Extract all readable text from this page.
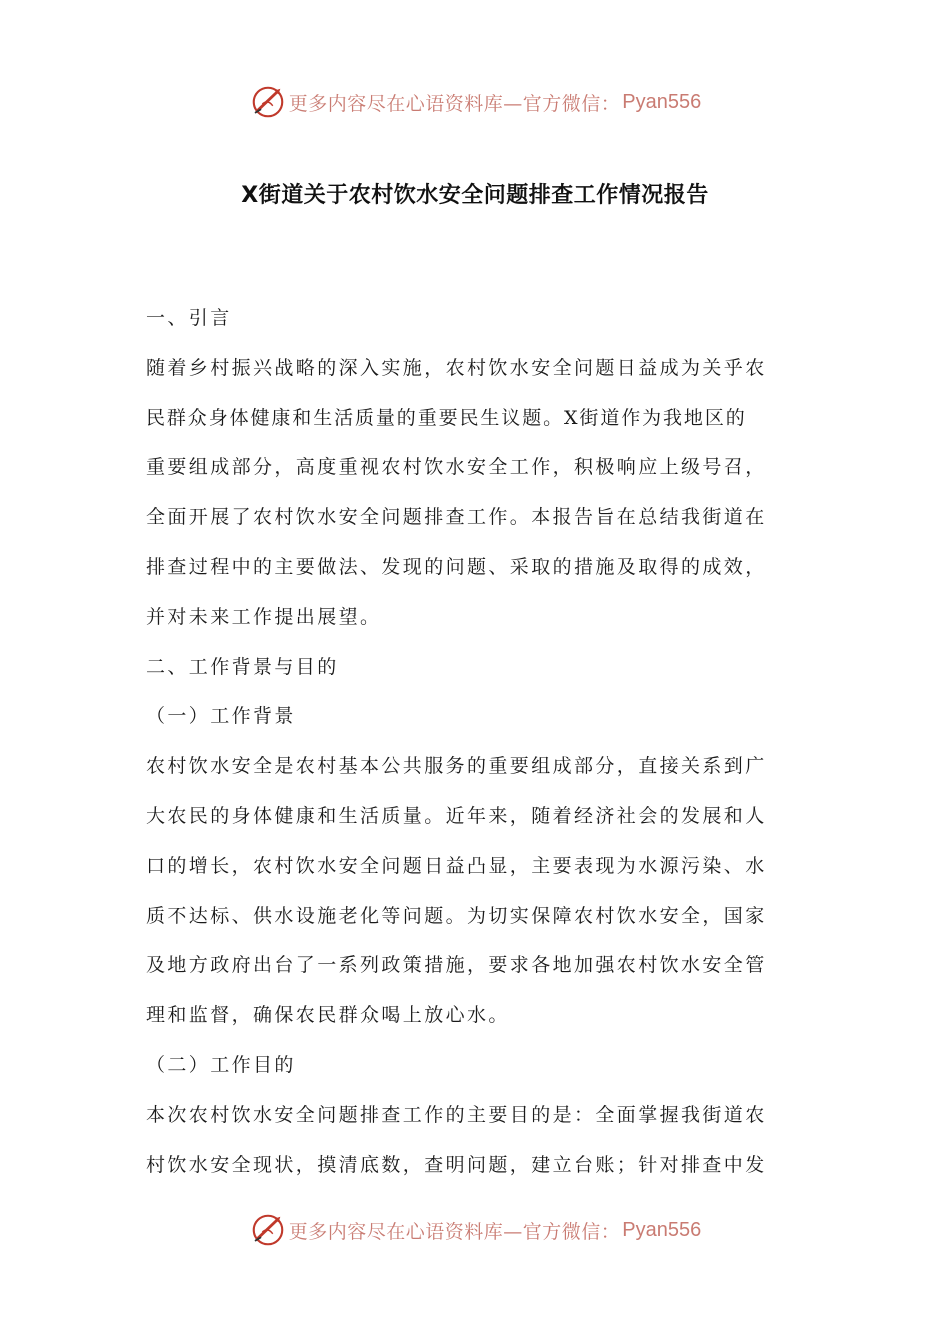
更多内容尽在心语资料库—官方微信： Pyan556
X街道关于农村饮水安全问题排查工作情况报告
一、引言
随着乡村振兴战略的深入实施，农村饮水安全问题日益成为关乎农
民群众身体健康和生活质量的重要民生议题。X街道作为我地区的
重要组成部分，高度重视农村饮水安全工作，积极响应上级号召，
全面开展了农村饮水安全问题排查工作。本报告旨在总结我街道在
排查过程中的主要做法、发现的问题、采取的措施及取得的成效，
并对未来工作提出展望。
二、工作背景与目的
（一）工作背景
农村饮水安全是农村基本公共服务的重要组成部分，直接关系到广
大农民的身体健康和生活质量。近年来，随着经济社会的发展和人
口的增长，农村饮水安全问题日益凸显，主要表现为水源污染、水
质不达标、供水设施老化等问题。为切实保障农村饮水安全，国家
及地方政府出台了一系列政策措施，要求各地加强农村饮水安全管
理和监督，确保农民群众喝上放心水。
（二）工作目的
本次农村饮水安全问题排查工作的主要目的是：全面掌握我街道农
村饮水安全现状，摸清底数，查明问题，建立台账；针对排查中发
更多内容尽在心语资料库—官方微信： Pyan556
